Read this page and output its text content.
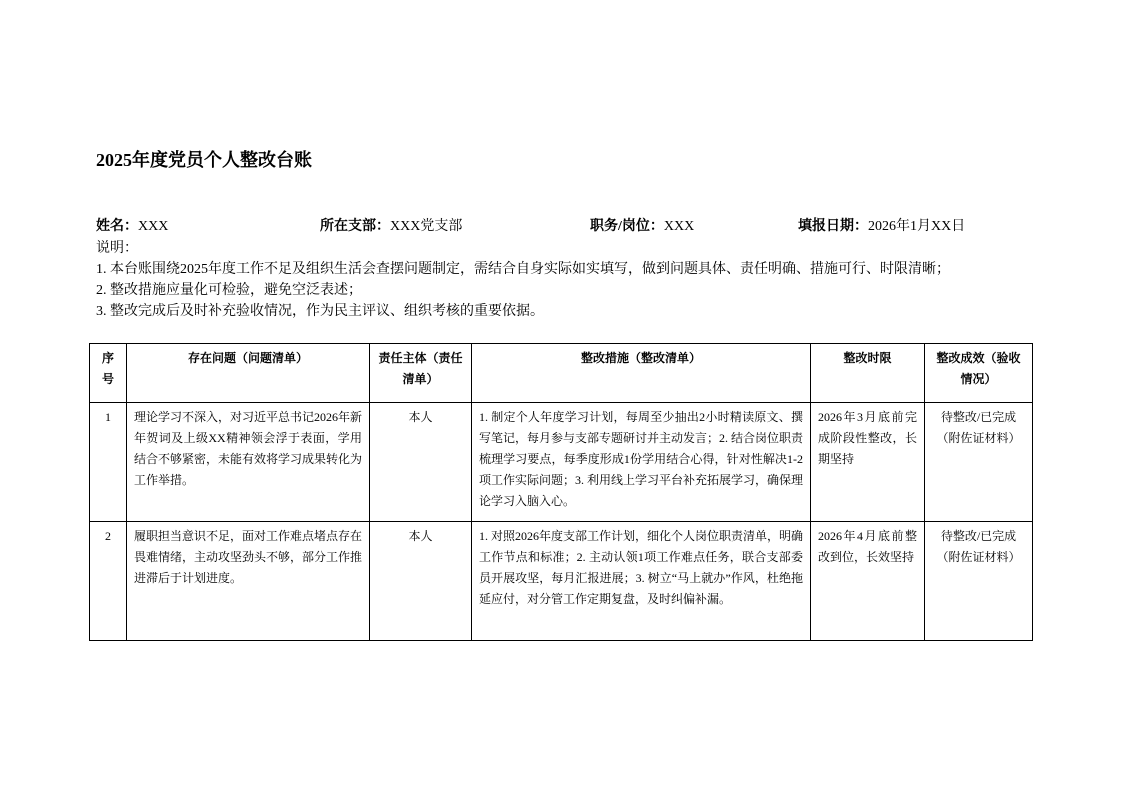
2025年度党员个人整改台账
姓名：XXX	所在支部：XXX党支部	职务/岗位：XXX	填报日期：2026年1月XX日
说明：
1. 本台账围绕2025年度工作不足及组织生活会查摆问题制定，需结合自身实际如实填写，做到问题具体、责任明确、措施可行、时限清晰；
2. 整改措施应量化可检验，避免空泛表述；
3. 整改完成后及时补充验收情况，作为民主评议、组织考核的重要依据。
序号	存在问题（问题清单）	责任主体（责任清单）	整改措施（整改清单）	整改时限	整改成效（验收情况）
1	理论学习不深入，对习近平总书记2026年新年贺词及上级XX精神领会浮于表面，学用结合不够紧密，未能有效将学习成果转化为工作举措。	本人	1. 制定个人年度学习计划，每周至少抽出2小时精读原文、撰写笔记，每月参与支部专题研讨并主动发言；2. 结合岗位职责梳理学习要点，每季度形成1份学用结合心得，针对性解决1-2项工作实际问题；3. 利用线上学习平台补充拓展学习，确保理论学习入脑入心。	2026年3月底前完成阶段性整改，长期坚持	待整改/已完成（附佐证材料）
2	履职担当意识不足，面对工作难点堵点存在畏难情绪，主动攻坚劲头不够，部分工作推进滞后于计划进度。	本人	1. 对照2026年度支部工作计划，细化个人岗位职责清单，明确工作节点和标准；2. 主动认领1项工作难点任务，联合支部委员开展攻坚，每月汇报进展；3. 树立“马上就办”作风，杜绝拖延应付，对分管工作定期复盘，及时纠偏补漏。	2026年4月底前整改到位，长效坚持	待整改/已完成（附佐证材料）
